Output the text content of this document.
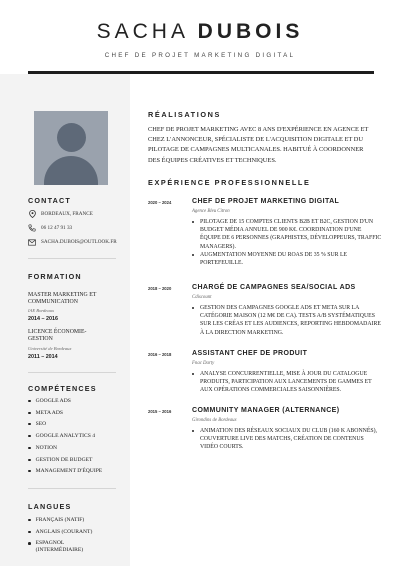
SACHA DUBOIS
CHEF DE PROJET MARKETING DIGITAL
CONTACT
BORDEAUX, FRANCE
06 12 47 91 33
SACHA.DUBOIS@OUTLOOK.FR
FORMATION
MASTER MARKETING ET COMMUNICATION
IAE Bordeaux
2014 – 2016
LICENCE ÉCONOMIE-GESTION
Université de Bordeaux
2011 – 2014
COMPÉTENCES
GOOGLE ADS
META ADS
SEO
GOOGLE ANALYTICS 4
NOTION
GESTION DE BUDGET
MANAGEMENT D'ÉQUIPE
LANGUES
FRANÇAIS (NATIF)
ANGLAIS (COURANT)
ESPAGNOL (INTERMÉDIAIRE)
RÉALISATIONS
CHEF DE PROJET MARKETING AVEC 8 ANS D'EXPÉRIENCE EN AGENCE ET CHEZ L'ANNONCEUR, SPÉCIALISTE DE L'ACQUISITION DIGITALE ET DU PILOTAGE DE CAMPAGNES MULTICANALES. HABITUÉ À COORDONNER DES ÉQUIPES CRÉATIVES ET TECHNIQUES.
EXPÉRIENCE PROFESSIONNELLE
2020 – 2024	CHEF DE PROJET MARKETING DIGITAL
Agence Bleu Citron
PILOTAGE DE 15 COMPTES CLIENTS B2B ET B2C, GESTION D'UN BUDGET MÉDIA ANNUEL DE 900 K€. COORDINATION D'UNE ÉQUIPE DE 6 PERSONNES (GRAPHISTES, DÉVELOPPEURS, TRAFFIC MANAGERS).
AUGMENTATION MOYENNE DU ROAS DE 35 % SUR LE PORTEFEUILLE.
2018 – 2020	CHARGÉ DE CAMPAGNES SEA/SOCIAL ADS
Cdiscount
GESTION DES CAMPAGNES GOOGLE ADS ET META SUR LA CATÉGORIE MAISON (12 M€ DE CA). TESTS A/B SYSTÉMATIQUES SUR LES CRÉAS ET LES AUDIENCES, REPORTING HEBDOMADAIRE À LA DIRECTION MARKETING.
2016 – 2018	ASSISTANT CHEF DE PRODUIT
Fnac Darty
ANALYSE CONCURRENTIELLE, MISE À JOUR DU CATALOGUE PRODUITS, PARTICIPATION AUX LANCEMENTS DE GAMMES ET AUX OPÉRATIONS COMMERCIALES SAISONNIÈRES.
2015 – 2016	COMMUNITY MANAGER (ALTERNANCE)
Girondins de Bordeaux
ANIMATION DES RÉSEAUX SOCIAUX DU CLUB (160 K ABONNÉS), COUVERTURE LIVE DES MATCHS, CRÉATION DE CONTENUS VIDÉO COURTS.
